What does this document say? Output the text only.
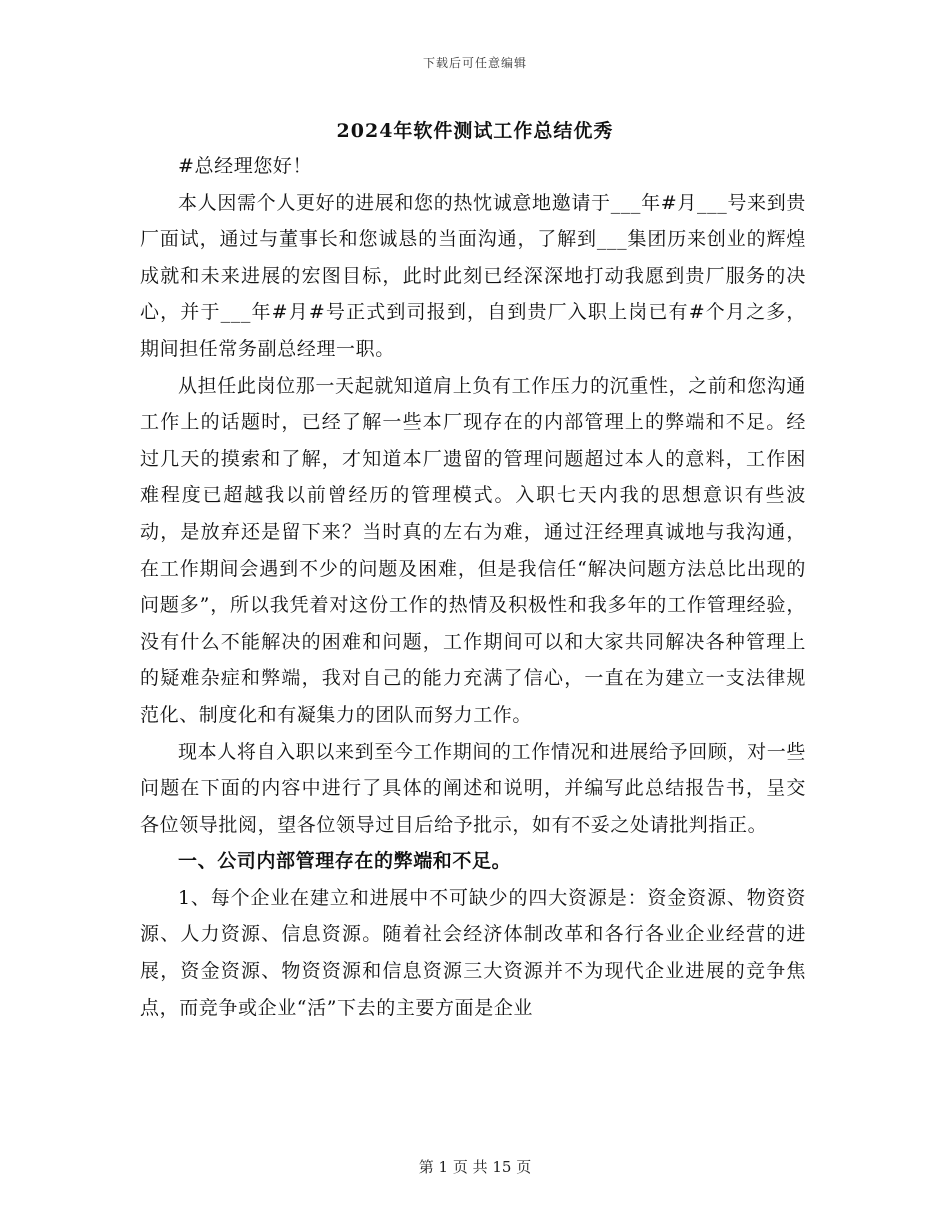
下载后可任意编辑
2024年软件测试工作总结优秀

#总经理您好！

本人因需个人更好的进展和您的热忱诚意地邀请于___年#月___号来到贵厂面试，通过与董事长和您诚恳的当面沟通，了解到___集团历来创业的辉煌成就和未来进展的宏图目标，此时此刻已经深深地打动我愿到贵厂服务的决心，并于___年#月#号正式到司报到，自到贵厂入职上岗已有#个月之多，期间担任常务副总经理一职。

从担任此岗位那一天起就知道肩上负有工作压力的沉重性，之前和您沟通工作上的话题时，已经了解一些本厂现存在的内部管理上的弊端和不足。经过几天的摸索和了解，才知道本厂遗留的管理问题超过本人的意料，工作困难程度已超越我以前曾经历的管理模式。入职七天内我的思想意识有些波动，是放弃还是留下来？当时真的左右为难，通过汪经理真诚地与我沟通，在工作期间会遇到不少的问题及困难，但是我信任“解决问题方法总比出现的问题多”，所以我凭着对这份工作的热情及积极性和我多年的工作管理经验，没有什么不能解决的困难和问题，工作期间可以和大家共同解决各种管理上的疑难杂症和弊端，我对自己的能力充满了信心，一直在为建立一支法律规范化、制度化和有凝集力的团队而努力工作。

现本人将自入职以来到至今工作期间的工作情况和进展给予回顾，对一些问题在下面的内容中进行了具体的阐述和说明，并编写此总结报告书，呈交各位领导批阅，望各位领导过目后给予批示，如有不妥之处请批判指正。

一、公司内部管理存在的弊端和不足。

1、每个企业在建立和进展中不可缺少的四大资源是：资金资源、物资资源、人力资源、信息资源。随着社会经济体制改革和各行各业企业经营的进展，资金资源、物资资源和信息资源三大资源并不为现代企业进展的竞争焦点，而竞争或企业“活”下去的主要方面是企业

第 1 页 共 15 页
